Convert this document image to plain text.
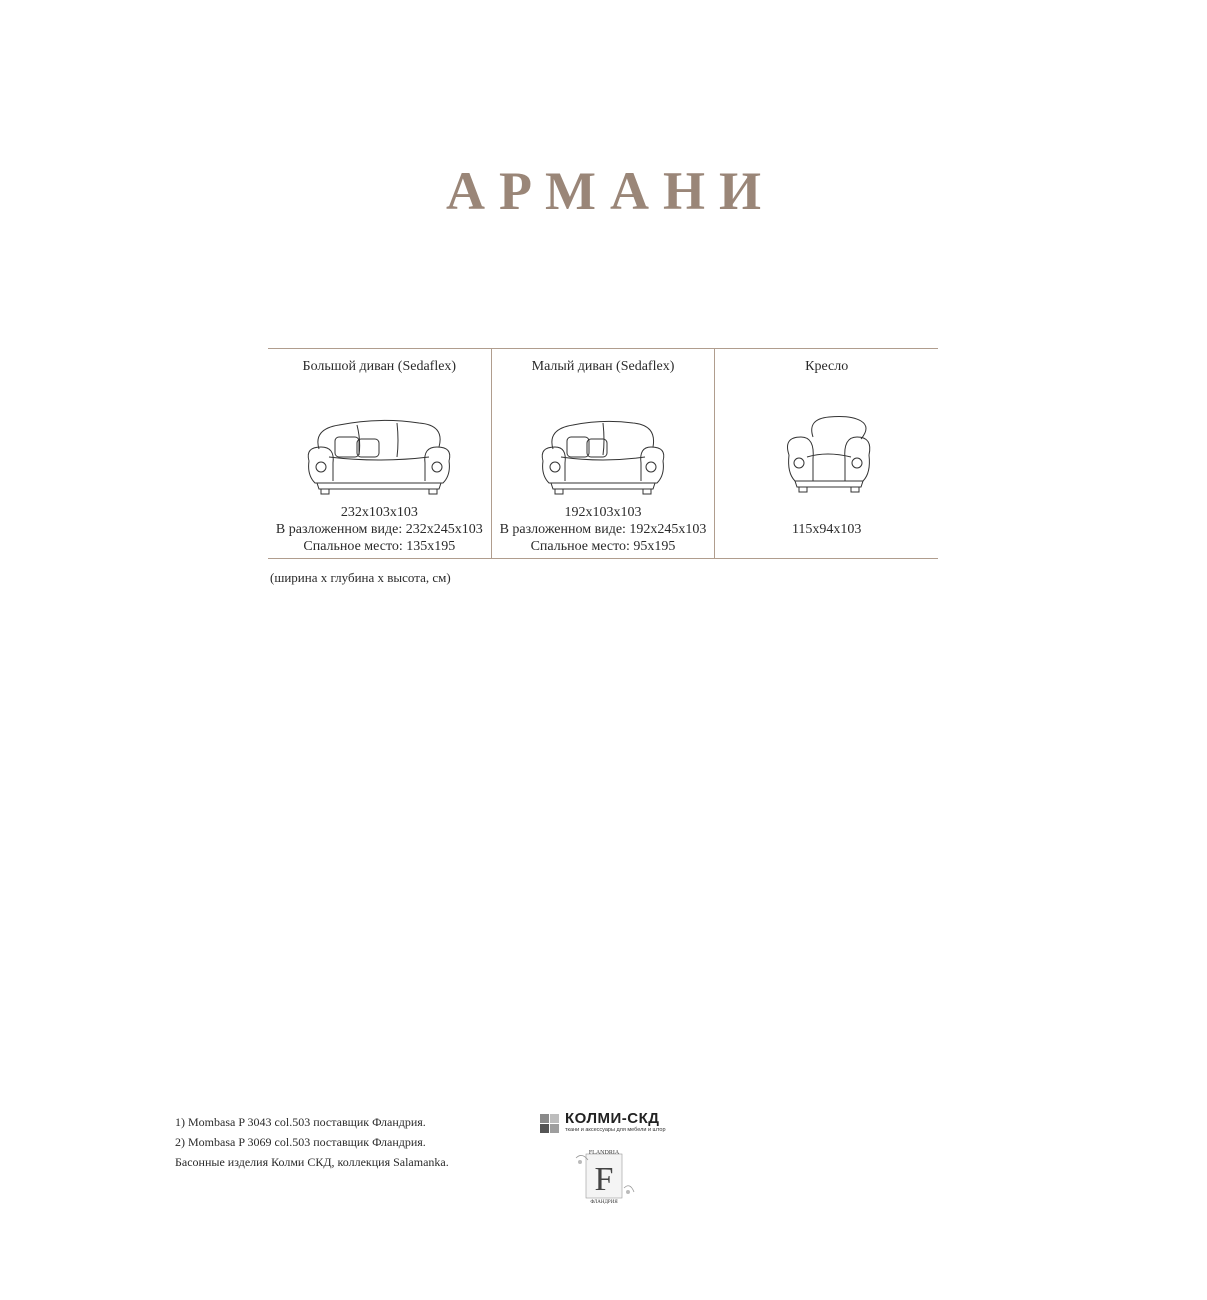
АРМАНИ
Большой диван (Sedaflex)
232x103x103
В разложенном виде: 232x245x103
Спальное место: 135x195
Малый диван (Sedaflex)
192x103x103
В разложенном виде: 192x245x103
Спальное место: 95x195
Кресло
115x94x103
(ширина x глубина x высота, см)
1) Mombasa P 3043 col.503 поставщик Фландрия.
2) Mombasa P 3069 col.503 поставщик Фландрия.
Басонные изделия Колми СКД, коллекция Salamanka.
КОЛМИ-СКД
ткани и аксессуары для мебели и штор
FLANDRIA
F
ФЛАНДРИЯ
